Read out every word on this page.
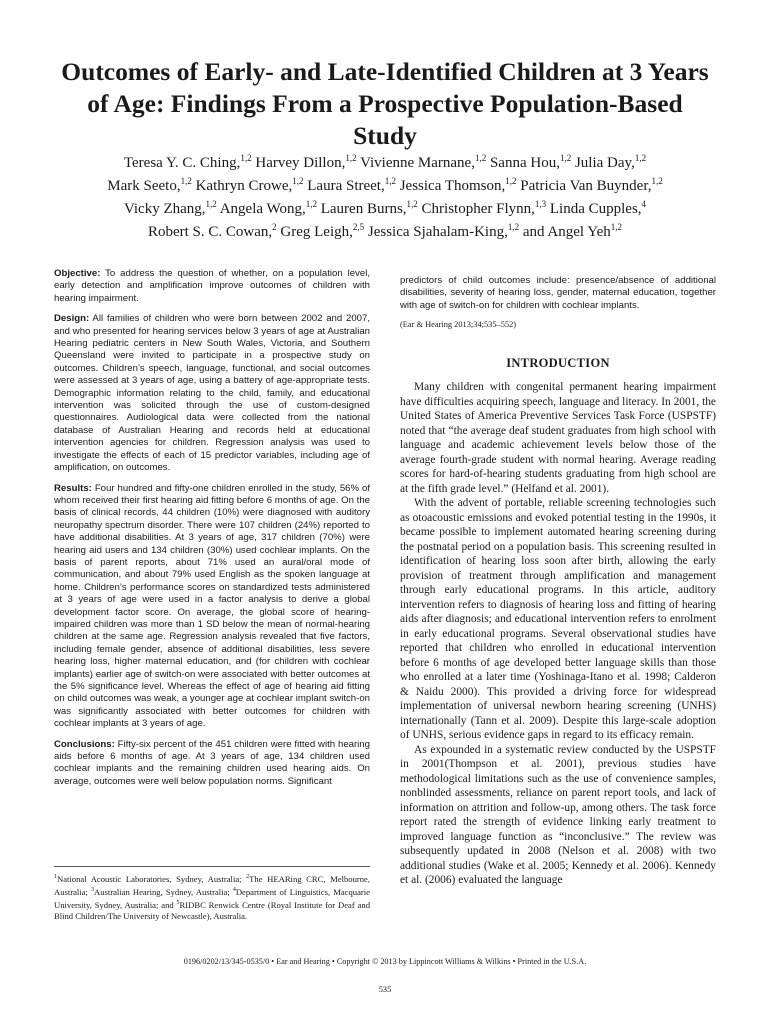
Outcomes of Early- and Late-Identified Children at 3 Years of Age: Findings From a Prospective Population-Based Study
Teresa Y. C. Ching,$^{1,2}$ Harvey Dillon,$^{1,2}$ Vivienne Marnane,$^{1,2}$ Sanna Hou,$^{1,2}$ Julia Day,$^{1,2}$
Mark Seeto,$^{1,2}$ Kathryn Crowe,$^{1,2}$ Laura Street,$^{1,2}$ Jessica Thomson,$^{1,2}$ Patricia Van Buynder,$^{1,2}$
Vicky Zhang,$^{1,2}$ Angela Wong,$^{1,2}$ Lauren Burns,$^{1,2}$ Christopher Flynn,$^{1,3}$ Linda Cupples,$^4$
Robert S. C. Cowan,$^2$ Greg Leigh,$^{2,5}$ Jessica Sjahalam-King,$^{1,2}$ and Angel Yeh$^{1,2}$

Objective: To address the question of whether, on a population level, early detection and amplification improve outcomes of children with hearing impairment.

Design: All families of children who were born between 2002 and 2007, and who presented for hearing services below 3 years of age at Australian Hearing pediatric centers in New South Wales, Victoria, and Southern Queensland were invited to participate in a prospective study on outcomes. Children’s speech, language, functional, and social outcomes were assessed at 3 years of age, using a battery of age-appropriate tests. Demographic information relating to the child, family, and educational intervention was solicited through the use of custom-designed questionnaires. Audiological data were collected from the national database of Australian Hearing and records held at educational intervention agencies for children. Regression analysis was used to investigate the effects of each of 15 predictor variables, including age of amplification, on outcomes.

Results: Four hundred and fifty-one children enrolled in the study, 56% of whom received their first hearing aid fitting before 6 months of age. On the basis of clinical records, 44 children (10%) were diagnosed with auditory neuropathy spectrum disorder. There were 107 children (24%) reported to have additional disabilities. At 3 years of age, 317 children (70%) were hearing aid users and 134 children (30%) used cochlear implants. On the basis of parent reports, about 71% used an aural/oral mode of communication, and about 79% used English as the spoken language at home. Children’s performance scores on standardized tests administered at 3 years of age were used in a factor analysis to derive a global development factor score. On average, the global score of hearing-impaired children was more than 1 SD below the mean of normal-hearing children at the same age. Regression analysis revealed that five factors, including female gender, absence of additional disabilities, less severe hearing loss, higher maternal education, and (for children with cochlear implants) earlier age of switch-on were associated with better outcomes at the 5% significance level. Whereas the effect of age of hearing aid fitting on child outcomes was weak, a younger age at cochlear implant switch-on was significantly associated with better outcomes for children with cochlear implants at 3 years of age.

Conclusions: Fifty-six percent of the 451 children were fitted with hearing aids before 6 months of age. At 3 years of age, 134 children used cochlear implants and the remaining children used hearing aids. On average, outcomes were well below population norms. Significant

$^1$National Acoustic Laboratories, Sydney, Australia; $^2$The HEARing CRC, Melbourne, Australia; $^3$Australian Hearing, Sydney, Australia; $^4$Department of Linguistics, Macquarie University, Sydney, Australia; and $^5$RIDBC Renwick Centre (Royal Institute for Deaf and Blind Children/The University of Newcastle), Australia.

predictors of child outcomes include: presence/absence of additional disabilities, severity of hearing loss, gender, maternal education, together with age of switch-on for children with cochlear implants.

(Ear & Hearing 2013;34;535–552)

INTRODUCTION

Many children with congenital permanent hearing impairment have difficulties acquiring speech, language and literacy. In 2001, the United States of America Preventive Services Task Force (USPSTF) noted that “the average deaf student graduates from high school with language and academic achievement levels below those of the average fourth-grade student with normal hearing. Average reading scores for hard-of-hearing students graduating from high school are at the fifth grade level.” (Helfand et al. 2001).

With the advent of portable, reliable screening technologies such as otoacoustic emissions and evoked potential testing in the 1990s, it became possible to implement automated hearing screening during the postnatal period on a population basis. This screening resulted in identification of hearing loss soon after birth, allowing the early provision of treatment through amplification and management through early educational programs. In this article, auditory intervention refers to diagnosis of hearing loss and fitting of hearing aids after diagnosis; and educational intervention refers to enrolment in early educational programs. Several observational studies have reported that children who enrolled in educational intervention before 6 months of age developed better language skills than those who enrolled at a later time (Yoshinaga-Itano et al. 1998; Calderon & Naidu 2000). This provided a driving force for widespread implementation of universal newborn hearing screening (UNHS) internationally (Tann et al. 2009). Despite this large-scale adoption of UNHS, serious evidence gaps in regard to its efficacy remain.

As expounded in a systematic review conducted by the USPSTF in 2001(Thompson et al. 2001), previous studies have methodological limitations such as the use of convenience samples, nonblinded assessments, reliance on parent report tools, and lack of information on attrition and follow-up, among others. The task force report rated the strength of evidence linking early treatment to improved language function as “inconclusive.” The review was subsequently updated in 2008 (Nelson et al. 2008) with two additional studies (Wake et al. 2005; Kennedy et al. 2006). Kennedy et al. (2006) evaluated the language

0196/0202/13/345-0535/0 • Ear and Hearing • Copyright © 2013 by Lippincott Williams & Wilkins • Printed in the U.S.A.
535
